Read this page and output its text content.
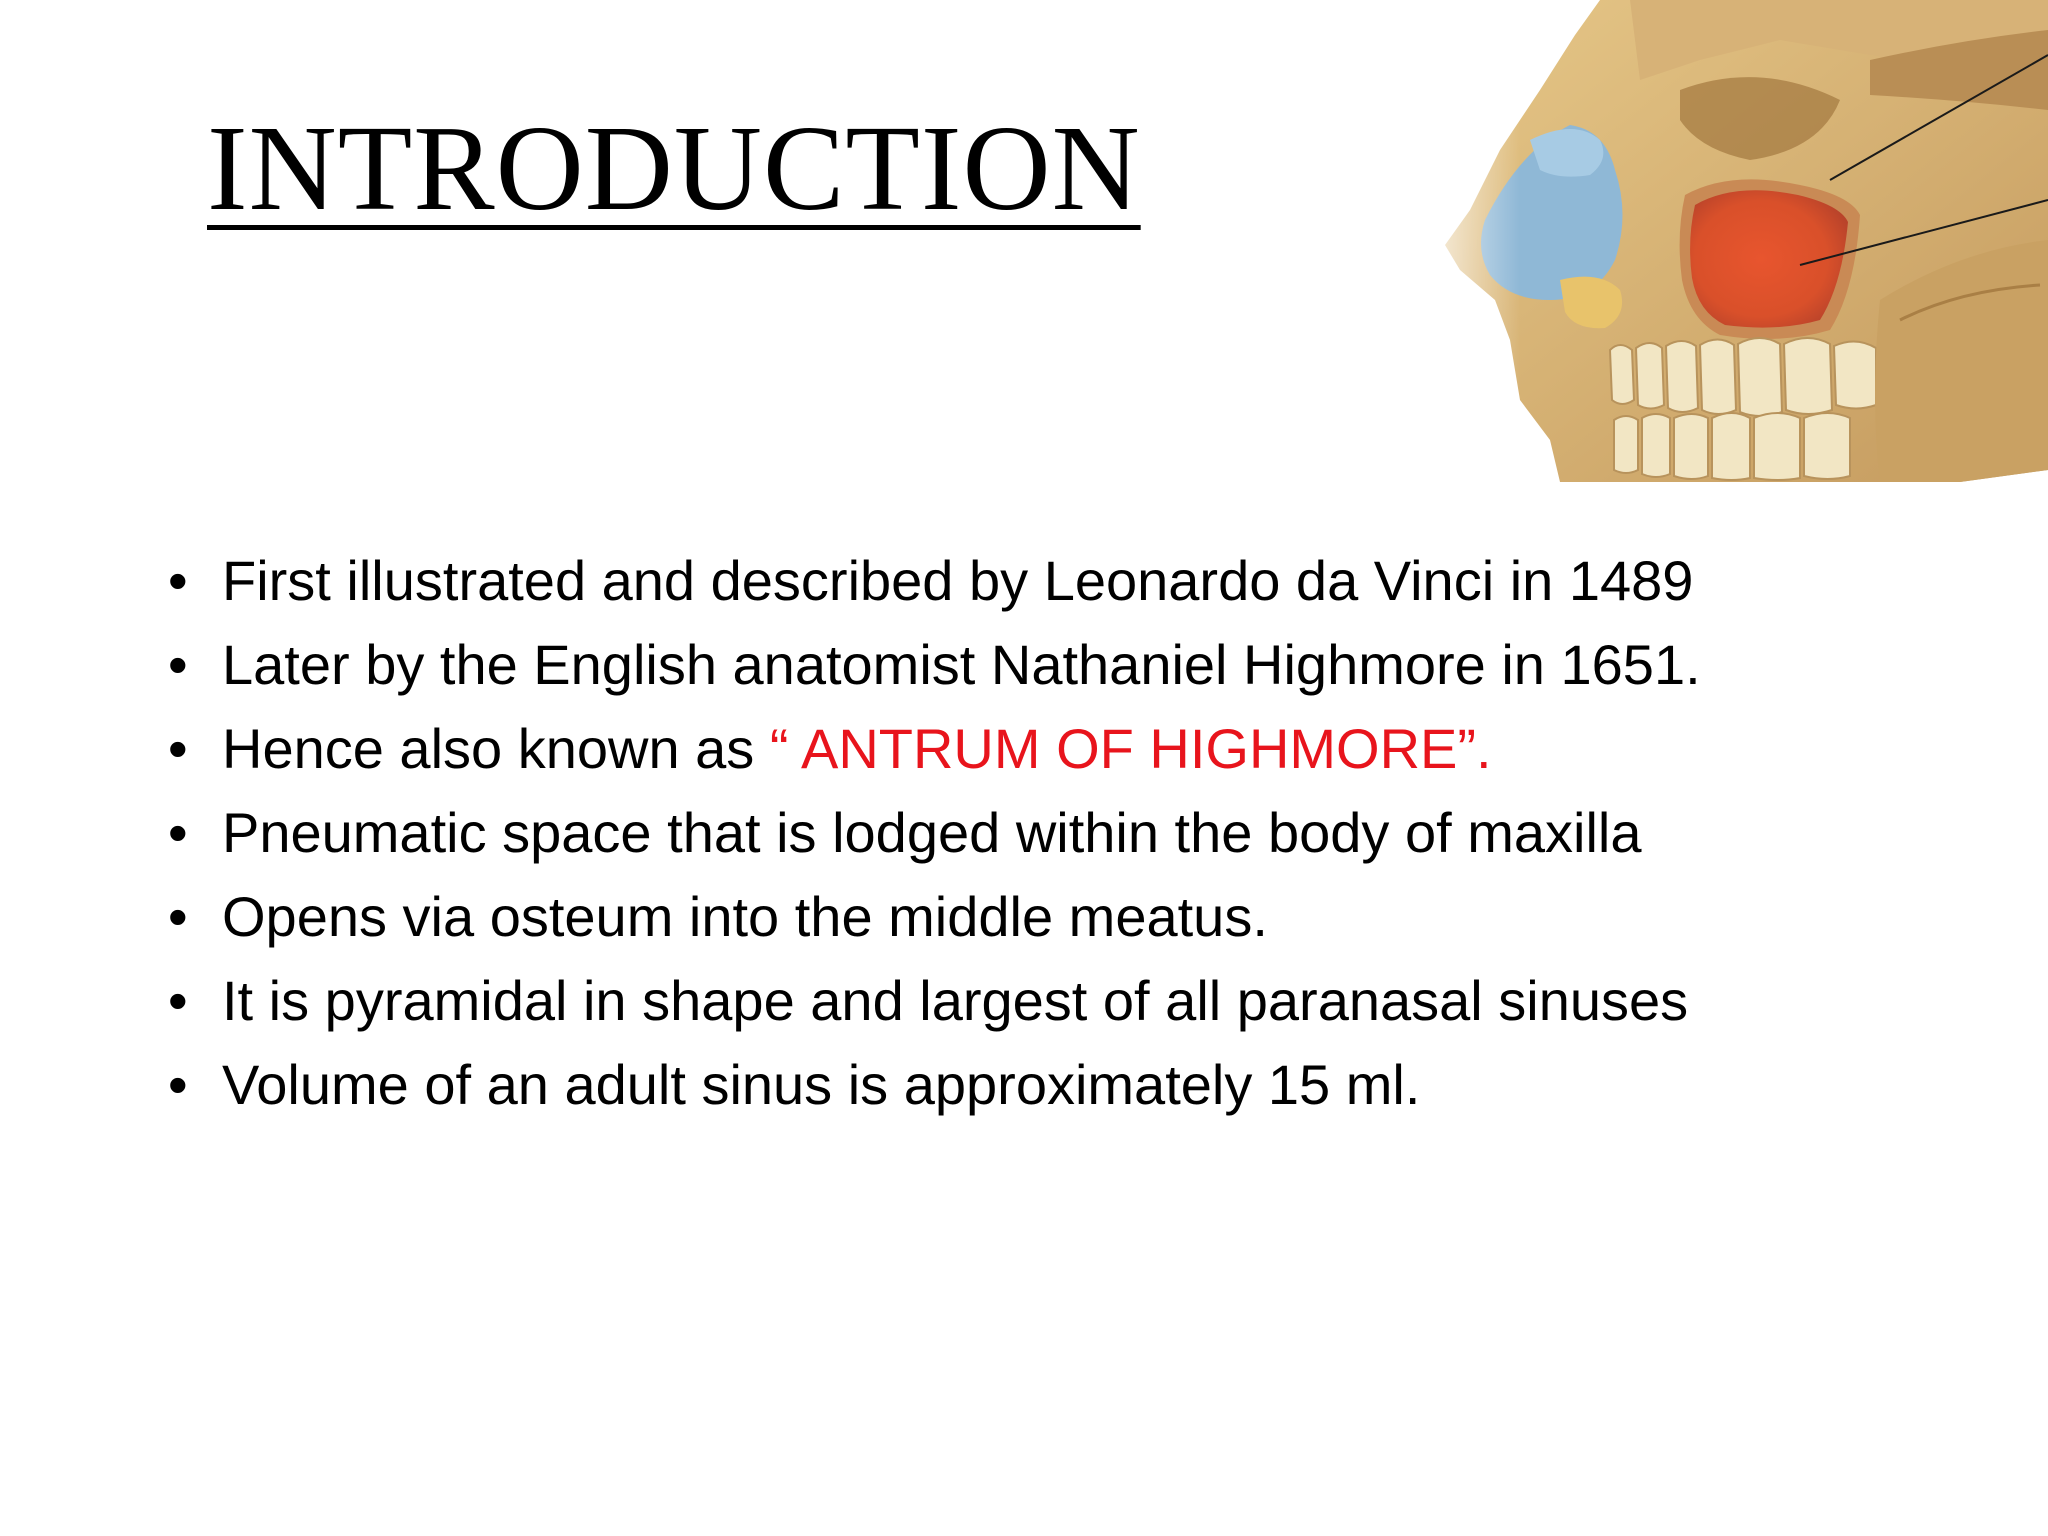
INTRODUCTION
• First illustrated and described by Leonardo da Vinci in 1489
• Later by the English anatomist Nathaniel Highmore in 1651.
• Hence also known as “ ANTRUM OF HIGHMORE”.
• Pneumatic space that is lodged within the body of maxilla
• Opens via osteum into the middle meatus.
• It is pyramidal in shape and largest of all paranasal sinuses
• Volume of an adult sinus is approximately 15 ml.
